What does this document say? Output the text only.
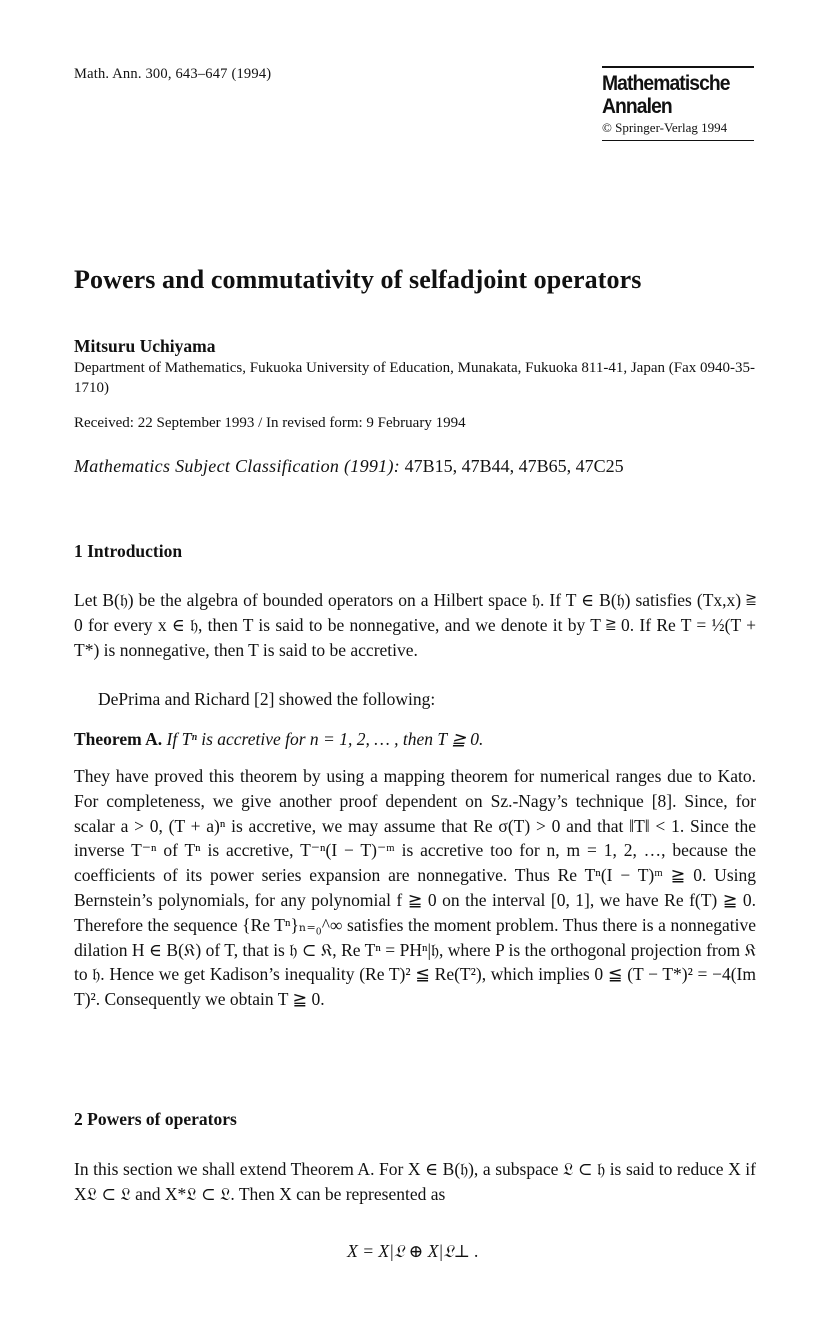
Math. Ann. 300, 643–647 (1994)	Mathematische
Annalen
© Springer-Verlag 1994
Powers and commutativity of selfadjoint operators
Mitsuru Uchiyama
Department of Mathematics, Fukuoka University of Education, Munakata, Fukuoka 811-41, Japan (Fax 0940-35-1710)
Received: 22 September 1993 / In revised form: 9 February 1994
Mathematics Subject Classification (1991): 47B15, 47B44, 47B65, 47C25
1 Introduction
Let B(𝔥) be the algebra of bounded operators on a Hilbert space 𝔥. If T ∈ B(𝔥) satisfies (Tx,x) ≧ 0 for every x ∈ 𝔥, then T is said to be nonnegative, and we denote it by T ≧ 0. If Re T = ½(T + T*) is nonnegative, then T is said to be accretive.
DePrima and Richard [2] showed the following:
Theorem A. If Tⁿ is accretive for n = 1, 2, … , then T ≧ 0.
They have proved this theorem by using a mapping theorem for numerical ranges due to Kato. For completeness, we give another proof dependent on Sz.-Nagy’s technique [8]. Since, for scalar a > 0, (T + a)ⁿ is accretive, we may assume that Re σ(T) > 0 and that ‖T‖ < 1. Since the inverse T⁻ⁿ of Tⁿ is accretive, T⁻ⁿ(I − T)⁻ᵐ is accretive too for n, m = 1, 2, …, because the coefficients of its power series expansion are nonnegative. Thus Re Tⁿ(I − T)ᵐ ≧ 0. Using Bernstein’s polynomials, for any polynomial f ≧ 0 on the interval [0, 1], we have Re f(T) ≧ 0. Therefore the sequence {Re Tⁿ}ₙ₌₀^∞ satisfies the moment problem. Thus there is a nonnegative dilation H ∈ B(𝔎) of T, that is 𝔥 ⊂ 𝔎, Re Tⁿ = PHⁿ|𝔥, where P is the orthogonal projection from 𝔎 to 𝔥. Hence we get Kadison’s inequality (Re T)² ≦ Re(T²), which implies 0 ≦ (T − T*)² = −4(Im T)². Consequently we obtain T ≧ 0.
2 Powers of operators
In this section we shall extend Theorem A. For X ∈ B(𝔥), a subspace 𝔏 ⊂ 𝔥 is said to reduce X if X𝔏 ⊂ 𝔏 and X*𝔏 ⊂ 𝔏. Then X can be represented as
X = X|𝔏 ⊕ X|𝔏⊥ .
